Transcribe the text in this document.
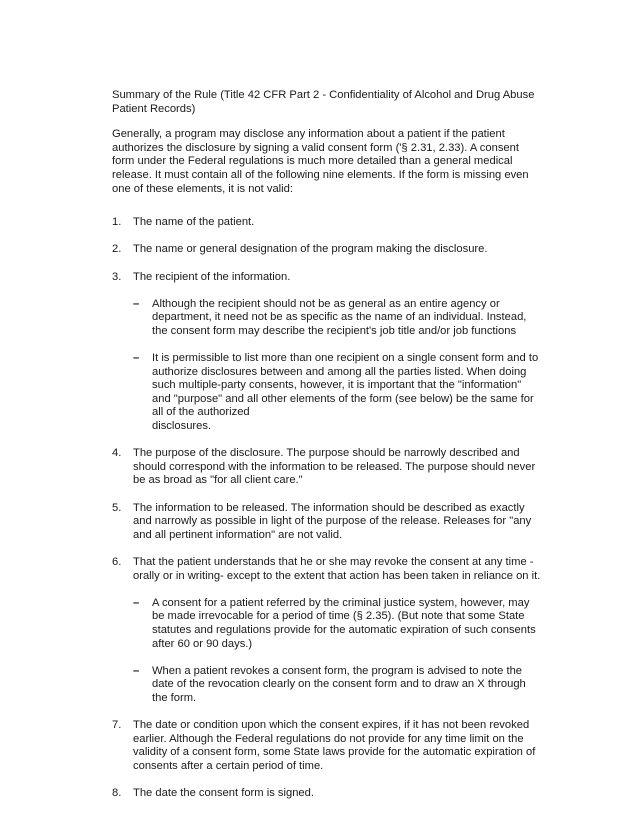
Summary of the Rule (Title 42 CFR Part 2 - Confidentiality of Alcohol and Drug Abuse Patient Records)

Generally, a program may disclose any information about a patient if the patient authorizes the disclosure by signing a valid consent form ('§ 2.31, 2.33). A consent form under the Federal regulations is much more detailed than a general medical release. It must contain all of the following nine elements. If the form is missing even one of these elements, it is not valid:

1. The name of the patient.
2. The name or general designation of the program making the disclosure.
3. The recipient of the information.
– Although the recipient should not be as general as an entire agency or department, it need not be as specific as the name of an individual. Instead, the consent form may describe the recipient's job title and/or job functions
– It is permissible to list more than one recipient on a single consent form and to authorize disclosures between and among all the parties listed. When doing such multiple-party consents, however, it is important that the "information" and "purpose" and all other elements of the form (see below) be the same for all of the authorized
disclosures.
4. The purpose of the disclosure. The purpose should be narrowly described and should correspond with the information to be released. The purpose should never be as broad as "for all client care."
5. The information to be released. The information should be described as exactly and narrowly as possible in light of the purpose of the release. Releases for "any and all pertinent information" are not valid.
6. That the patient understands that he or she may revoke the consent at any time - orally or in writing- except to the extent that action has been taken in reliance on it.
– A consent for a patient referred by the criminal justice system, however, may be made irrevocable for a period of time (§ 2.35). (But note that some State statutes and regulations provide for the automatic expiration of such consents after 60 or 90 days.)
– When a patient revokes a consent form, the program is advised to note the date of the revocation clearly on the consent form and to draw an X through the form.
7. The date or condition upon which the consent expires, if it has not been revoked earlier. Although the Federal regulations do not provide for any time limit on the validity of a consent form, some State laws provide for the automatic expiration of consents after a certain period of time.
8. The date the consent form is signed.
